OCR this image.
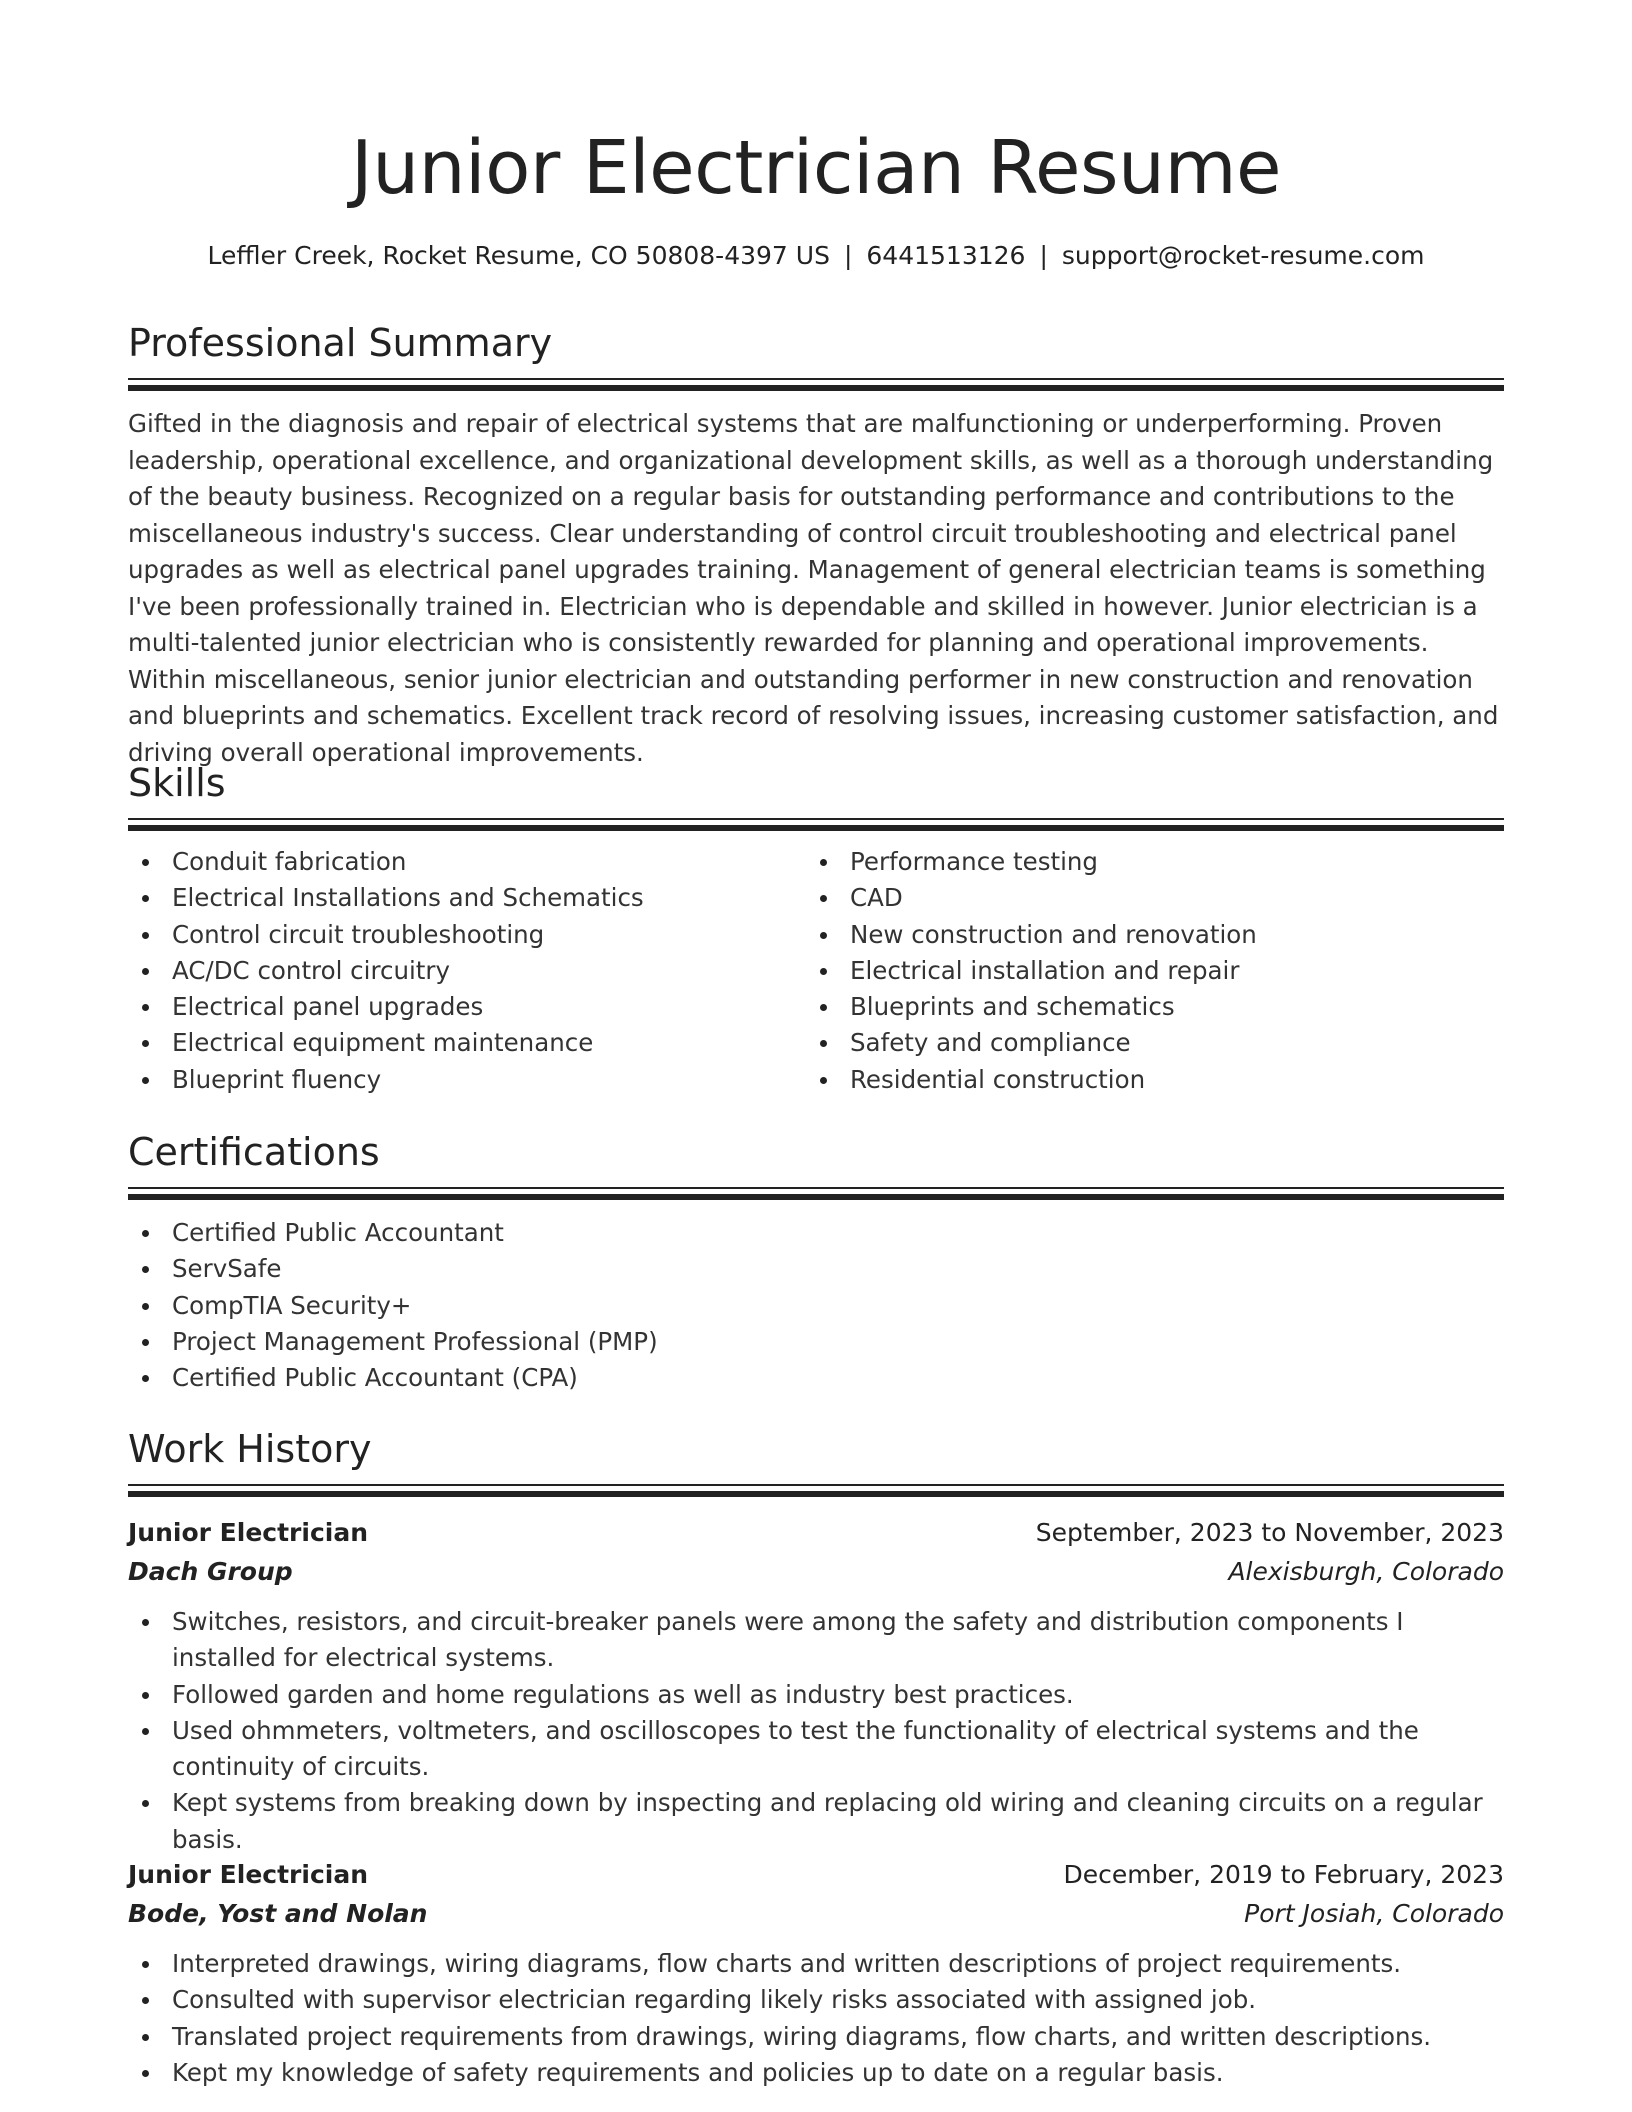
Junior Electrician Resume
Leffler Creek, Rocket Resume, CO 50808-4397 US | 6441513126 | support@rocket-resume.com
Professional Summary

Gifted in the diagnosis and repair of electrical systems that are malfunctioning or underperforming. Proven leadership, operational excellence, and organizational development skills, as well as a thorough understanding of the beauty business. Recognized on a regular basis for outstanding performance and contributions to the miscellaneous industry's success. Clear understanding of control circuit troubleshooting and electrical panel upgrades as well as electrical panel upgrades training. Management of general electrician teams is something I've been professionally trained in. Electrician who is dependable and skilled in however. Junior electrician is a multi-talented junior electrician who is consistently rewarded for planning and operational improvements. Within miscellaneous, senior junior electrician and outstanding performer in new construction and renovation and blueprints and schematics. Excellent track record of resolving issues, increasing customer satisfaction, and driving overall operational improvements.

Skills
Conduit fabrication
Electrical Installations and Schematics
Control circuit troubleshooting
AC/DC control circuitry
Electrical panel upgrades
Electrical equipment maintenance
Blueprint fluency
Performance testing
CAD
New construction and renovation
Electrical installation and repair
Blueprints and schematics
Safety and compliance
Residential construction
Certifications
Certified Public Accountant
ServSafe
CompTIA Security+
Project Management Professional (PMP)
Certified Public Accountant (CPA)
Work History
Junior Electrician	September, 2023 to November, 2023
Dach Group	Alexisburgh, Colorado
Switches, resistors, and circuit-breaker panels were among the safety and distribution components I installed for electrical systems.
Followed garden and home regulations as well as industry best practices.
Used ohmmeters, voltmeters, and oscilloscopes to test the functionality of electrical systems and the continuity of circuits.
Kept systems from breaking down by inspecting and replacing old wiring and cleaning circuits on a regular basis.
Junior Electrician	December, 2019 to February, 2023
Bode, Yost and Nolan	Port Josiah, Colorado
Interpreted drawings, wiring diagrams, flow charts and written descriptions of project requirements.
Consulted with supervisor electrician regarding likely risks associated with assigned job.
Translated project requirements from drawings, wiring diagrams, flow charts, and written descriptions.
Kept my knowledge of safety requirements and policies up to date on a regular basis.
